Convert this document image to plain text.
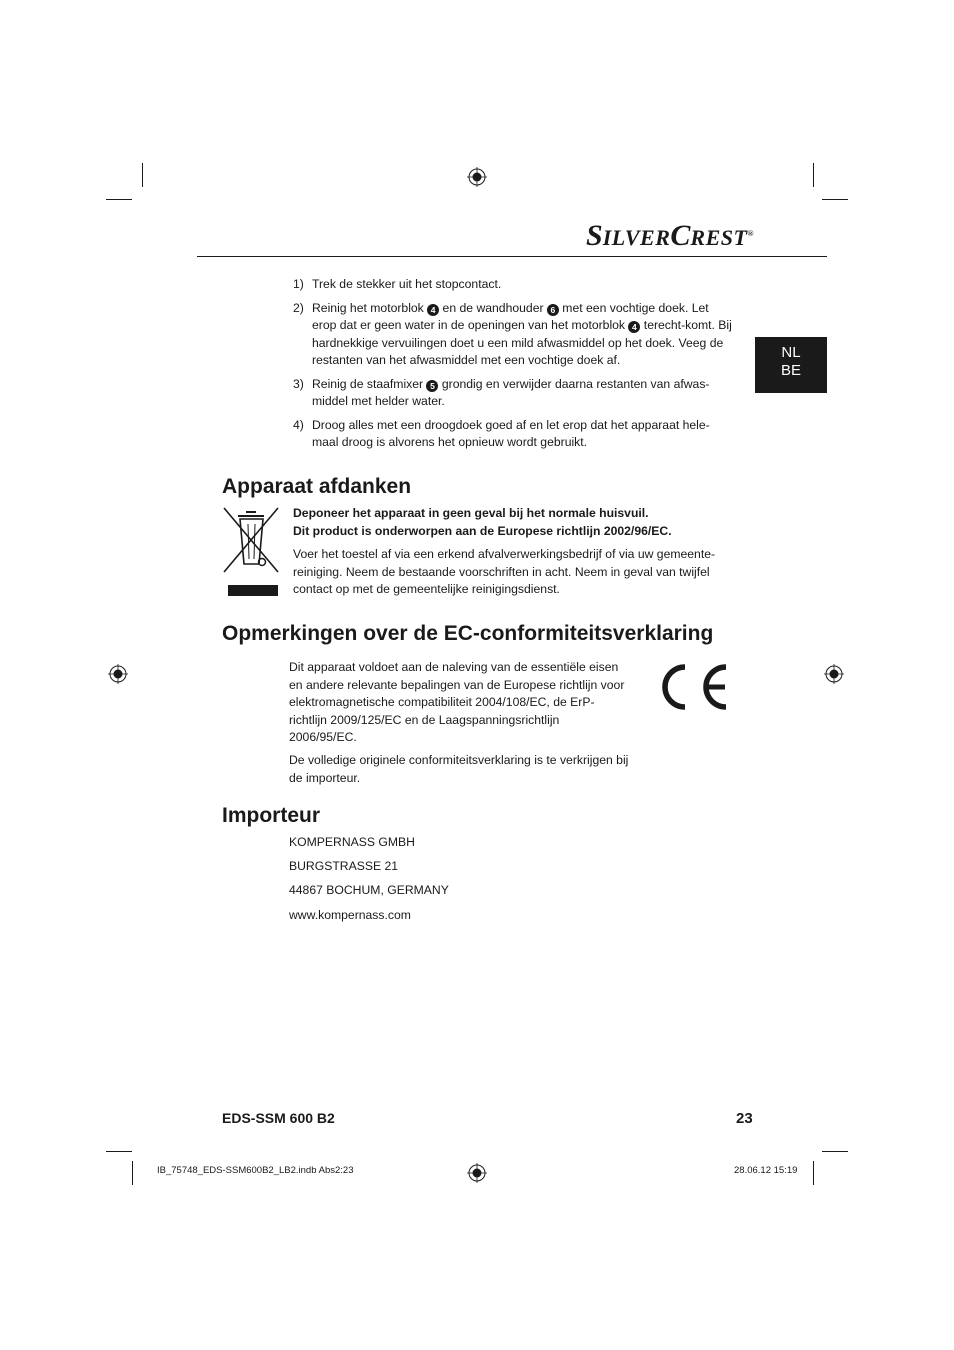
SILVERCREST®
NL
BE
1) Trek de stekker uit het stopcontact.
2) Reinig het motorblok 4 en de wandhouder 6 met een vochtige doek. Let erop dat er geen water in de openingen van het motorblok 4 terecht-komt. Bij hardnekkige vervuilingen doet u een mild afwasmiddel op het doek. Veeg de restanten van het afwasmiddel met een vochtige doek af.
3) Reinig de staafmixer 5 grondig en verwijder daarna restanten van afwas-middel met helder water.
4) Droog alles met een droogdoek goed af en let erop dat het apparaat hele-maal droog is alvorens het opnieuw wordt gebruikt.
Apparaat afdanken

Deponeer het apparaat in geen geval bij het normale huisvuil.
Dit product is onderworpen aan de Europese richtlijn 2002/96/EC.

Voer het toestel af via een erkend afvalverwerkingsbedrijf of via uw gemeente-reiniging. Neem de bestaande voorschriften in acht. Neem in geval van twijfel contact op met de gemeentelijke reinigingsdienst.

Opmerkingen over de EC-conformiteitsverklaring

Dit apparaat voldoet aan de naleving van de essentiële eisen en andere relevante bepalingen van de Europese richtlijn voor elektromagnetische compatibiliteit 2004/108/EC, de ErP-richtlijn 2009/125/EC en de Laagspanningsrichtlijn 2006/95/EC.

De volledige originele conformiteitsverklaring is te verkrijgen bij de importeur.

Importeur
KOMPERNASS GMBH
BURGSTRASSE 21
44867 BOCHUM, GERMANY
www.kompernass.com
EDS-SSM 600 B2	23
IB_75748_EDS-SSM600B2_LB2.indb Abs2:23	28.06.12 15:19
